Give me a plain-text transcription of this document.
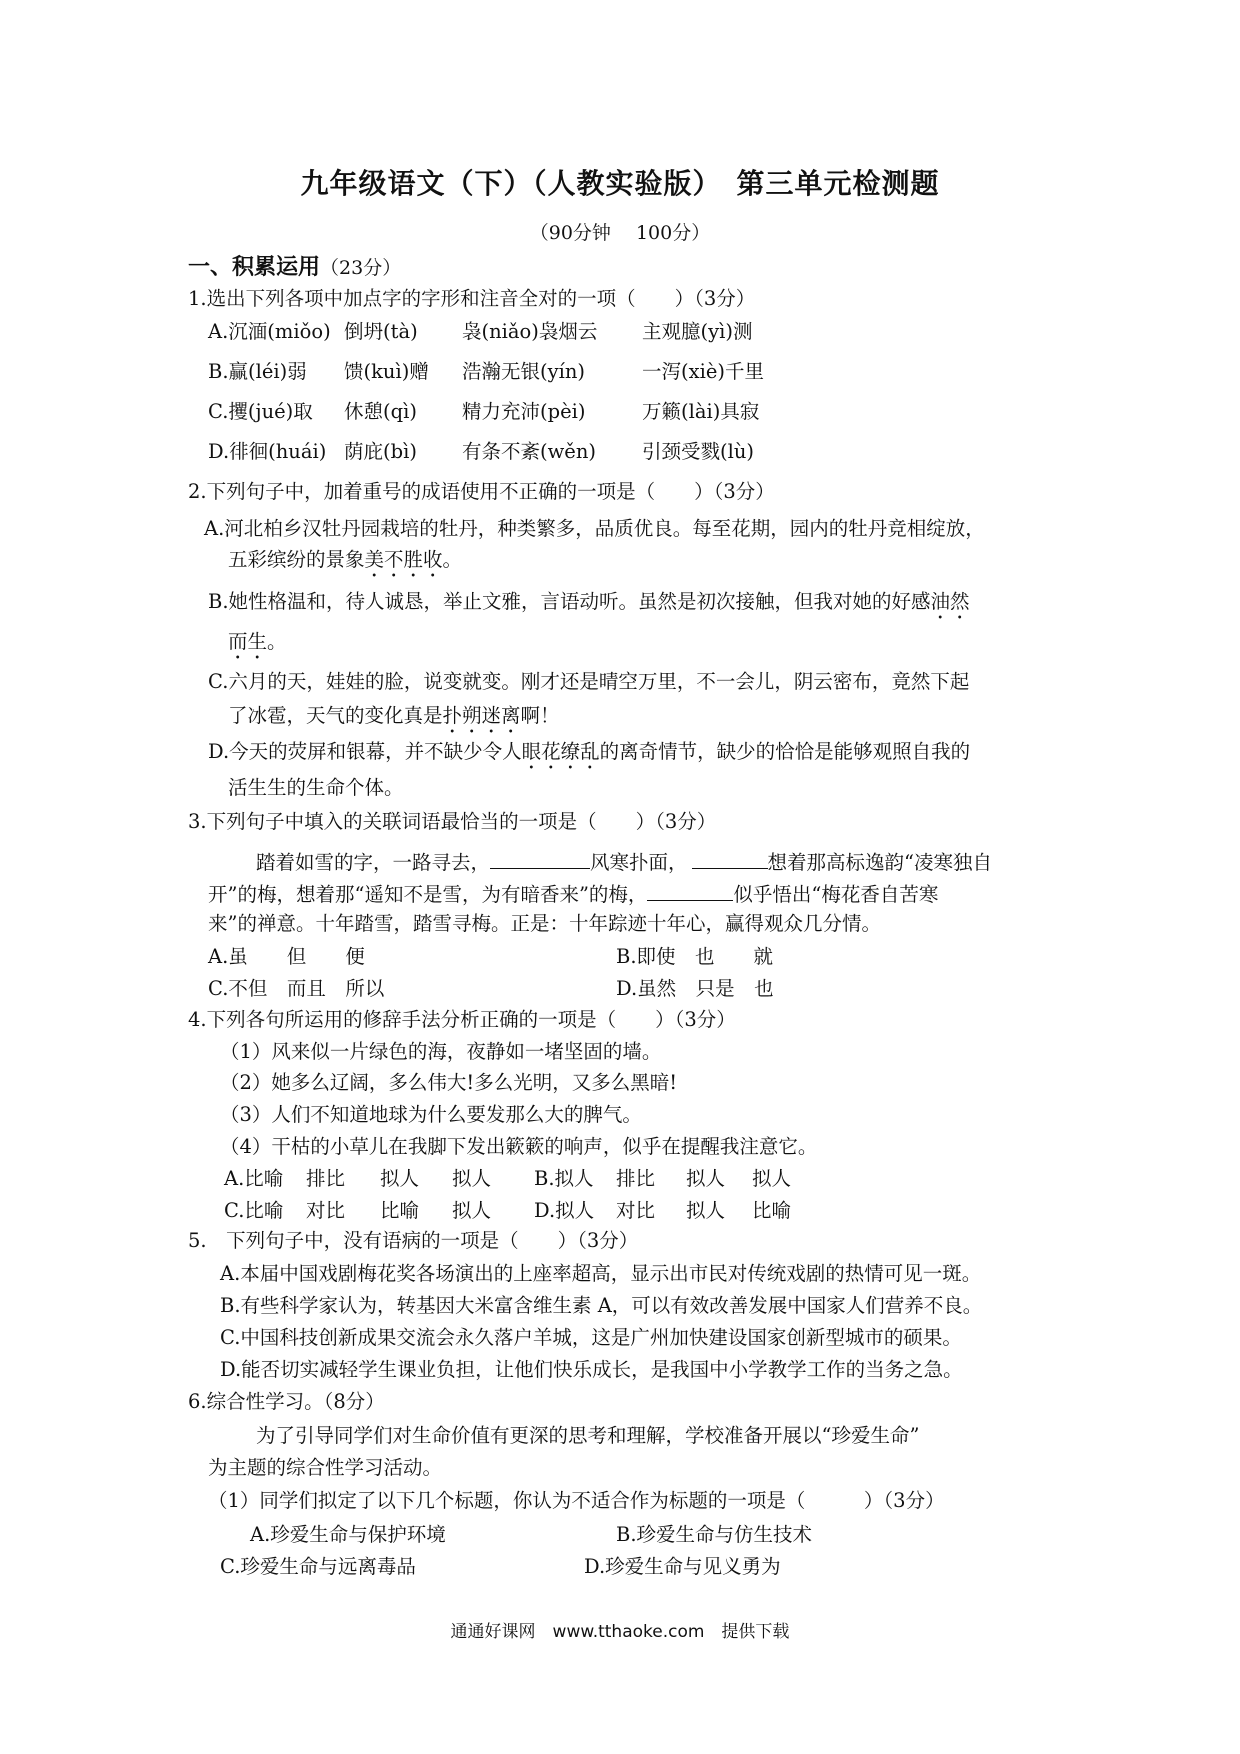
九年级语文（下）（人教实验版）　第三单元检测题
（90分钟　 100分）
一、积累运用（23分）
1.选出下列各项中加点字的字形和注音全对的一项（　　）（3分）
A.沉湎(miǒo) 倒坍(tà) 袅(niǎo)袅烟云 主观臆(yì)测
B.赢(léi)弱 馈(kuì)赠 浩瀚无银(yín)	一泻(xiè)千里
C.攫(jué)取 休憩(qì) 精力充沛(pèi)	万籁(lài)具寂
D.徘徊(huái) 荫庇(bì) 有条不紊(wěn) 引颈受戮(lù)
2.下列句子中，加着重号的成语使用不正确的一项是（　　）（3分）
A.河北柏乡汉牡丹园栽培的牡丹，种类繁多，品质优良。每至花期，园内的牡丹竞相绽放，
五彩缤纷的景象美不胜收。
B.她性格温和，待人诚恳，举止文雅，言语动听。虽然是初次接触，但我对她的好感油然
而生。
C.六月的天，娃娃的脸，说变就变。刚才还是晴空万里，不一会儿，阴云密布，竟然下起
了冰雹，天气的变化真是扑朔迷离啊！
D.今天的荧屏和银幕，并不缺少令人眼花缭乱的离奇情节，缺少的恰恰是能够观照自我的
活生生的生命个体。
3.下列句子中填入的关联词语最恰当的一项是（　　）（3分）
踏着如雪的字，一路寻去，	风寒扑面，	想着那高标逸韵“凌寒独自
开”的梅，想着那“遥知不是雪，为有暗香来”的梅，	似乎悟出“梅花香自苦寒
来”的禅意。十年踏雪，踏雪寻梅。正是：十年踪迹十年心，赢得观众几分情。
A.虽　　但　　便	B.即使　也　　就
C.不但　而且　所以	D.虽然　只是　也
4.下列各句所运用的修辞手法分析正确的一项是（　　）（3分）
（1）风来似一片绿色的海，夜静如一堵坚固的墙。
（2）她多么辽阔，多么伟大!多么光明，又多么黑暗!
（3）人们不知道地球为什么要发那么大的脾气。
（4）干枯的小草儿在我脚下发出簌簌的响声，似乎在提醒我注意它。
A.比喻 排比 拟人 拟人 B.拟人 排比 拟人 拟人
C.比喻 对比 比喻 拟人 D.拟人 对比 拟人 比喻
5.　下列句子中，没有语病的一项是（　　）（3分）
A.本届中国戏剧梅花奖各场演出的上座率超高，显示出市民对传统戏剧的热情可见一斑。
B.有些科学家认为，转基因大米富含维生素 A，可以有效改善发展中国家人们营养不良。
C.中国科技创新成果交流会永久落户羊城，这是广州加快建设国家创新型城市的硕果。
D.能否切实减轻学生课业负担，让他们快乐成长，是我国中小学教学工作的当务之急。
6.综合性学习。（8分）
为了引导同学们对生命价值有更深的思考和理解，学校准备开展以“珍爱生命”
为主题的综合性学习活动。
（1）同学们拟定了以下几个标题，你认为不适合作为标题的一项是（　　　）（3分）
A.珍爱生命与保护环境	B.珍爱生命与仿生技术
C.珍爱生命与远离毒品	D.珍爱生命与见义勇为
通通好课网　www.tthaoke.com　提供下载
